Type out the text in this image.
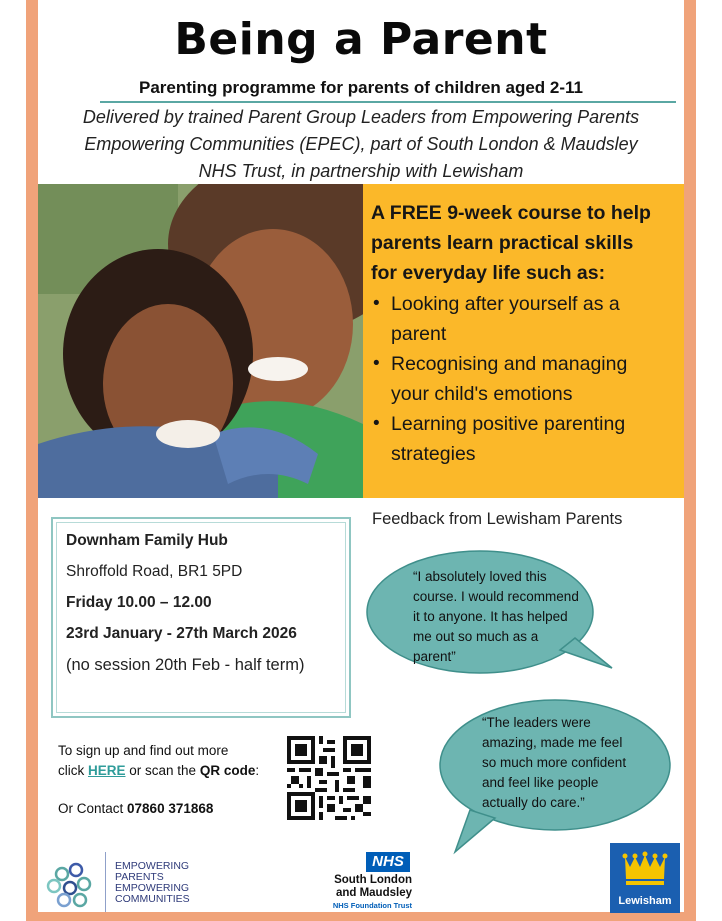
Being a Parent
Parenting programme for parents of children aged 2-11
Delivered by trained Parent Group Leaders from Empowering Parents
Empowering Communities (EPEC), part of South London & Maudsley
NHS Trust, in partnership with Lewisham
A FREE 9-week course to help
parents learn practical skills
for everyday life such as:
• Looking after yourself as a
parent
• Recognising and managing
your child's emotions
• Learning positive parenting
strategies
Downham Family Hub
Shroffold Road, BR1 5PD
Friday 10.00 – 12.00
23rd January - 27th March 2026
(no session 20th Feb - half term)
Feedback from Lewisham Parents
“I absolutely loved this
course. I would recommend
it to anyone. It has helped
me out so much as a
parent”
“The leaders were
amazing, made me feel
so much more confident
and feel like people
actually do care.”
To sign up and find out more
click HERE or scan the QR code:
Or Contact 07860 371868
EMPOWERING
PARENTS
EMPOWERING
COMMUNITIES
NHS
South London
and Maudsley
NHS Foundation Trust	Lewisham
